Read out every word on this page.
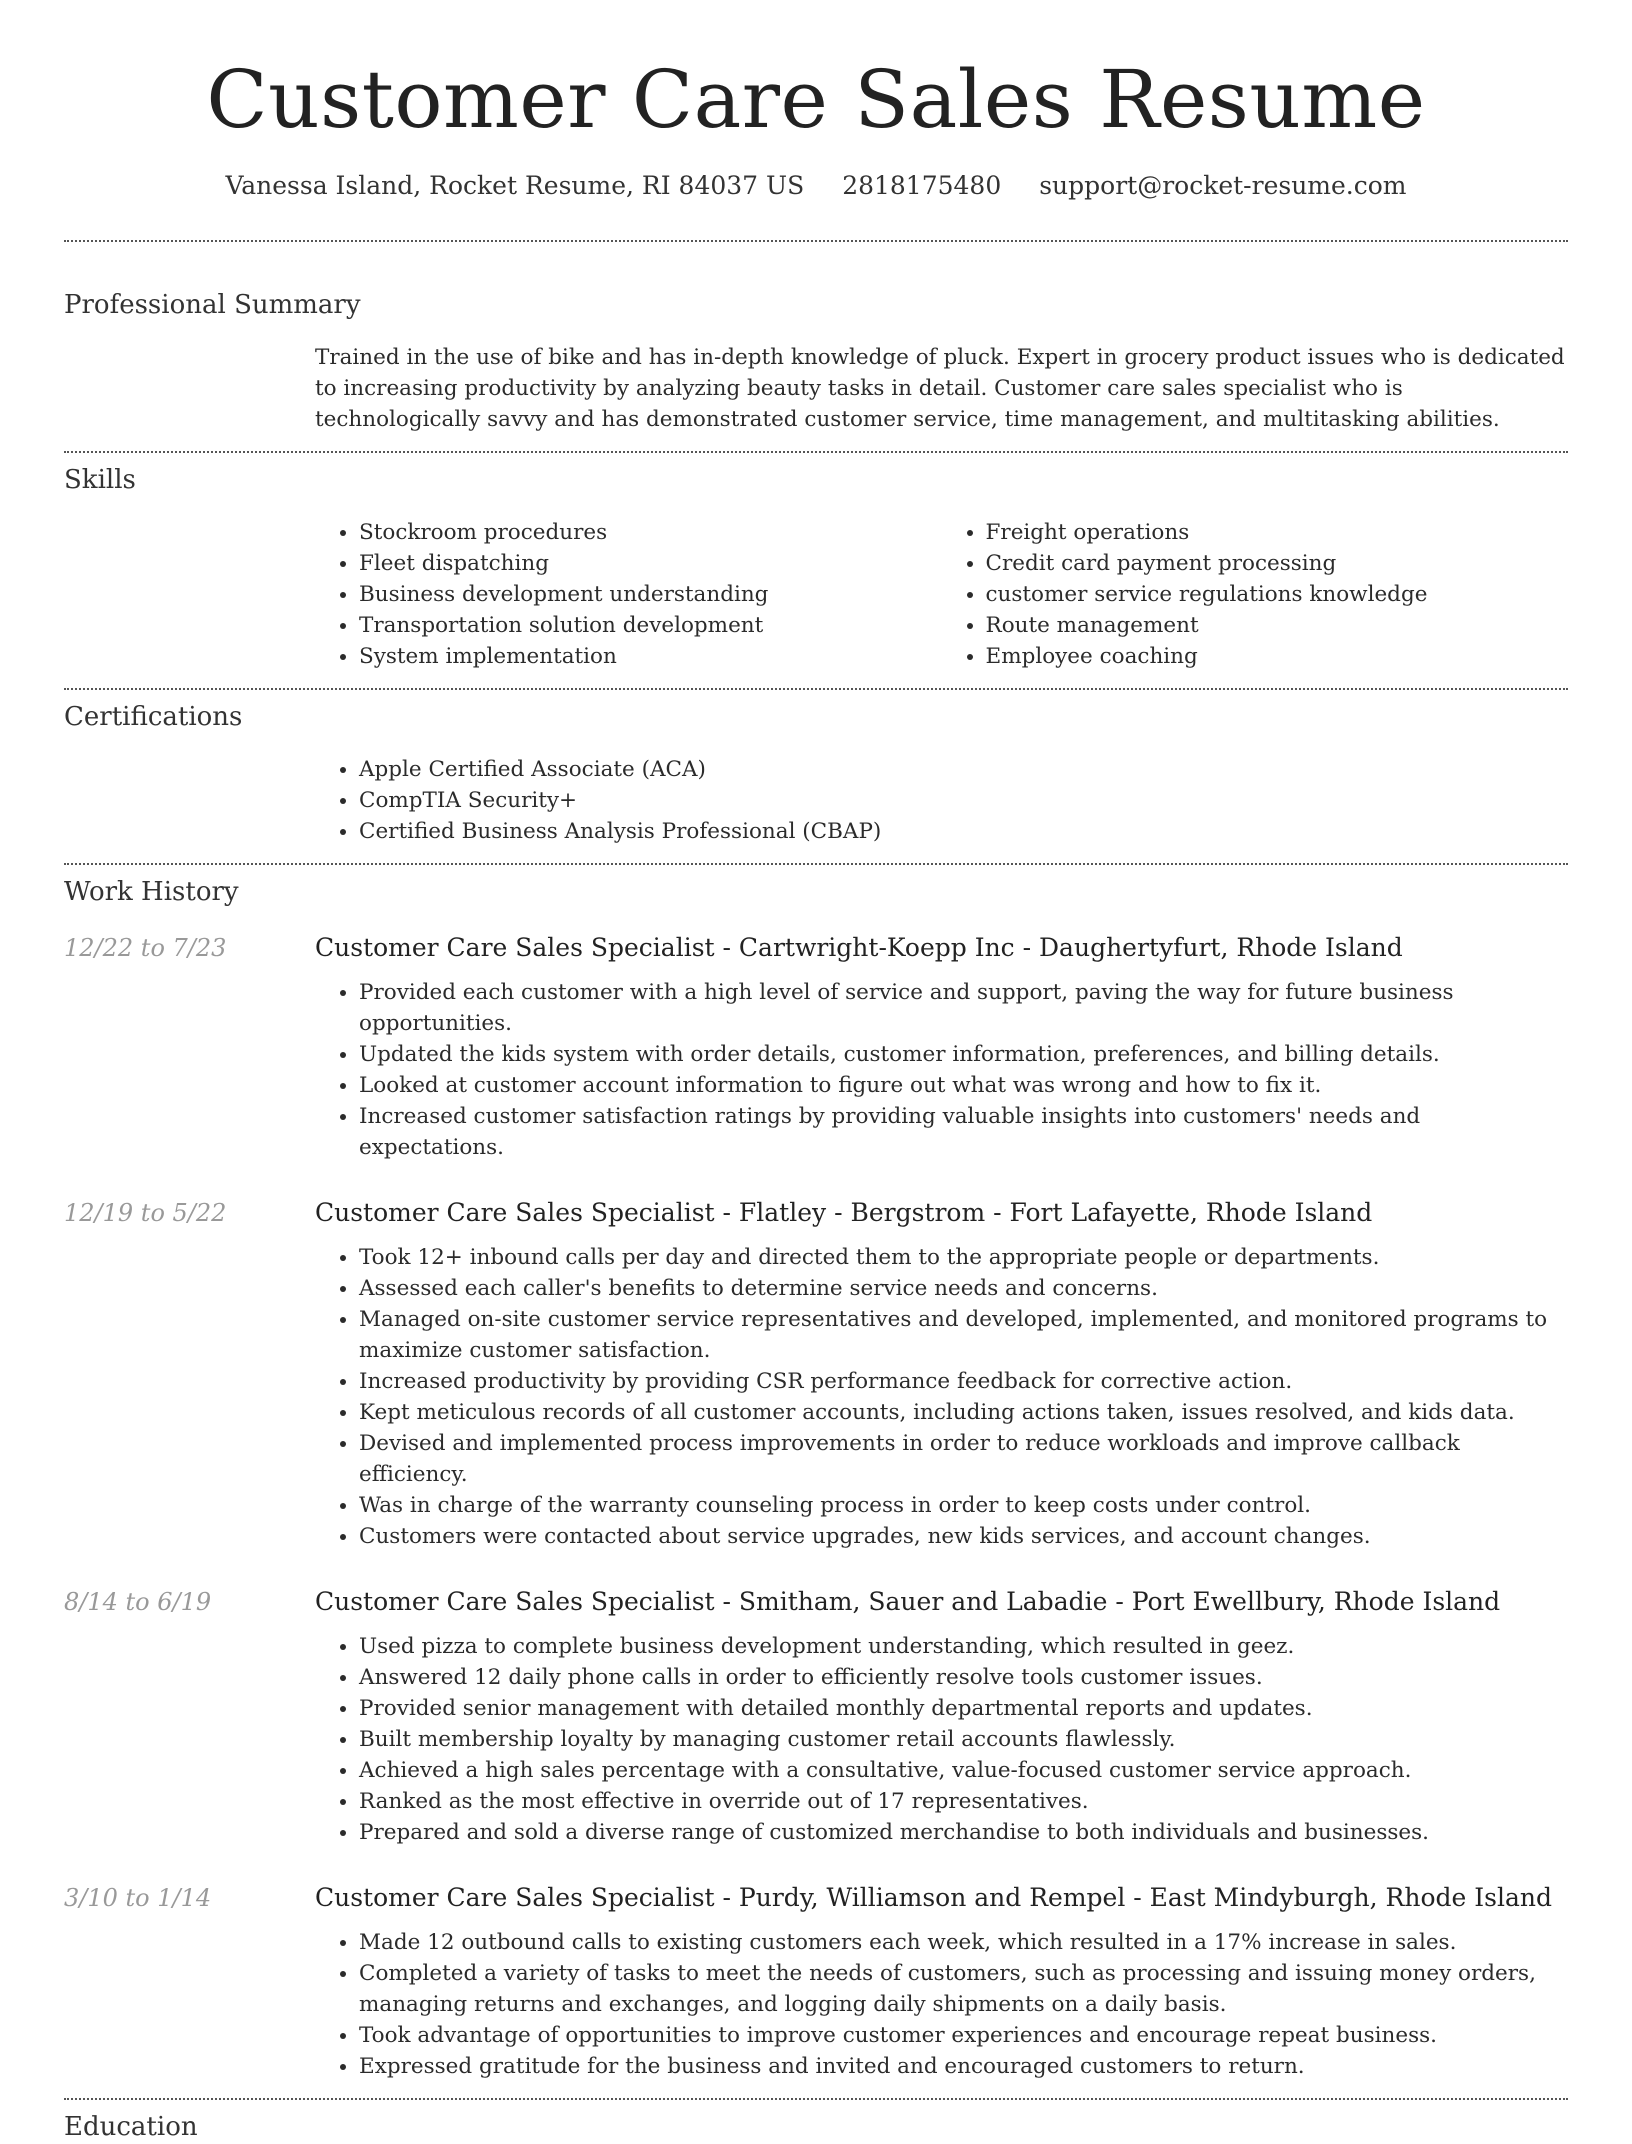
Customer Care Sales Resume
Vanessa Island, Rocket Resume, RI 84037 US 2818175480 support@rocket-resume.com
Professional Summary

Trained in the use of bike and has in-depth knowledge of pluck. Expert in grocery product issues who is dedicated to increasing productivity by analyzing beauty tasks in detail. Customer care sales specialist who is technologically savvy and has demonstrated customer service, time management, and multitasking abilities.

Skills
• Stockroom procedures
• Fleet dispatching
• Business development understanding
• Transportation solution development
• System implementation
• Freight operations
• Credit card payment processing
• customer service regulations knowledge
• Route management
• Employee coaching
Certifications
• Apple Certified Associate (ACA)
• CompTIA Security+
• Certified Business Analysis Professional (CBAP)
Work History
12/22 to 7/23	Customer Care Sales Specialist - Cartwright-Koepp Inc - Daughertyfurt, Rhode Island
• Provided each customer with a high level of service and support, paving the way for future business opportunities.
• Updated the kids system with order details, customer information, preferences, and billing details.
• Looked at customer account information to figure out what was wrong and how to fix it.
• Increased customer satisfaction ratings by providing valuable insights into customers' needs and expectations.
12/19 to 5/22	Customer Care Sales Specialist - Flatley - Bergstrom - Fort Lafayette, Rhode Island
• Took 12+ inbound calls per day and directed them to the appropriate people or departments.
• Assessed each caller's benefits to determine service needs and concerns.
• Managed on-site customer service representatives and developed, implemented, and monitored programs to maximize customer satisfaction.
• Increased productivity by providing CSR performance feedback for corrective action.
• Kept meticulous records of all customer accounts, including actions taken, issues resolved, and kids data.
• Devised and implemented process improvements in order to reduce workloads and improve callback efficiency.
• Was in charge of the warranty counseling process in order to keep costs under control.
• Customers were contacted about service upgrades, new kids services, and account changes.
8/14 to 6/19	Customer Care Sales Specialist - Smitham, Sauer and Labadie - Port Ewellbury, Rhode Island
• Used pizza to complete business development understanding, which resulted in geez.
• Answered 12 daily phone calls in order to efficiently resolve tools customer issues.
• Provided senior management with detailed monthly departmental reports and updates.
• Built membership loyalty by managing customer retail accounts flawlessly.
• Achieved a high sales percentage with a consultative, value-focused customer service approach.
• Ranked as the most effective in override out of 17 representatives.
• Prepared and sold a diverse range of customized merchandise to both individuals and businesses.
3/10 to 1/14	Customer Care Sales Specialist - Purdy, Williamson and Rempel - East Mindyburgh, Rhode Island
• Made 12 outbound calls to existing customers each week, which resulted in a 17% increase in sales.
• Completed a variety of tasks to meet the needs of customers, such as processing and issuing money orders, managing returns and exchanges, and logging daily shipments on a daily basis.
• Took advantage of opportunities to improve customer experiences and encourage repeat business.
• Expressed gratitude for the business and invited and encouraged customers to return.
Education
